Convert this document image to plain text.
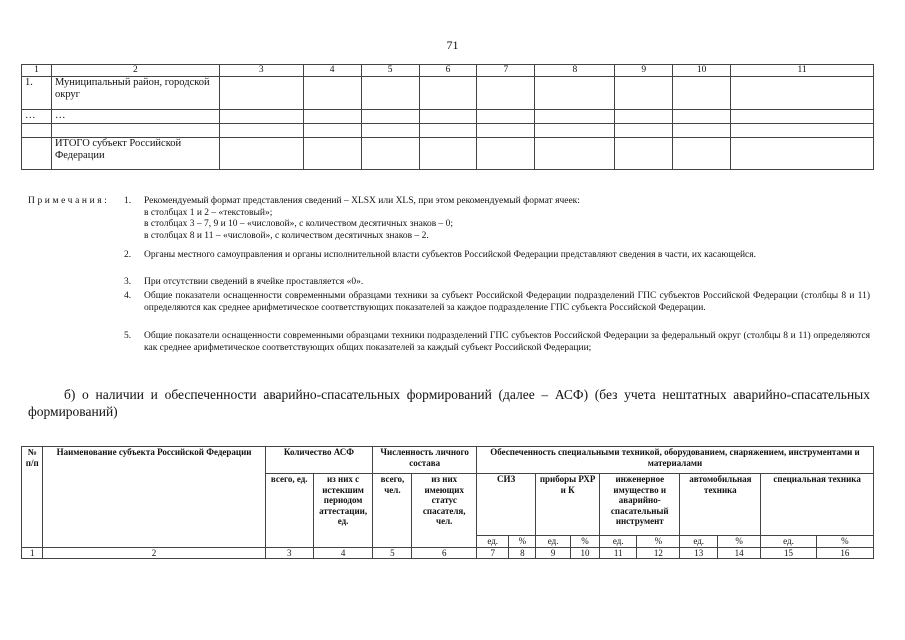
71
1	2	3	4	5	6	7	8	9	10	11
1.	Муниципальный район, городской округ									
…	…									

	ИТОГО субъект Российской Федерации									
Примечания: 1. Рекомендуемый формат представления сведений – XLSX или XLS, при этом рекомендуемый формат ячеек:
в столбцах 1 и 2 – «текстовый»;
в столбцах 3 – 7, 9 и 10 – «числовой», с количеством десятичных знаков – 0;
в столбцах 8 и 11 – «числовой», с количеством десятичных знаков – 2.
2. Органы местного самоуправления и органы исполнительной власти субъектов Российской Федерации представляют сведения в части, их касающейся.
3. При отсутствии сведений в ячейке проставляется «0».
4. Общие показатели оснащенности современными образцами техники за субъект Российской Федерации подразделений ГПС субъектов Российской Федерации (столбцы 8 и 11) определяются как среднее арифметическое соответствующих показателей за каждое подразделение ГПС субъекта Российской Федерации.
5. Общие показатели оснащенности современными образцами техники подразделений ГПС субъектов Российской Федерации за федеральный округ (столбцы 8 и 11) определяются как среднее арифметическое соответствующих общих показателей за каждый субъект Российской Федерации;
б) о наличии и обеспеченности аварийно-спасательных формирований (далее – АСФ) (без учета нештатных аварийно-спасательных формирований)
№ п/п	Наименование субъекта Российской Федерации	Количество АСФ		Численность личного состава		Обеспеченность специальными техникой, оборудованием, снаряжением, инструментами и материалами									
		всего, ед.	из них с истекшим периодом аттестации, ед.	всего, чел.	из них имеющих статус спасателя, чел.	СИЗ		приборы РХР и К		инженерное имущество и аварийно-спасательный инструмент		автомобильная техника		специальная техника	
						ед.	%	ед.	%	ед.	%	ед.	%	ед.	%
1	2	3	4	5	6	7	8	9	10	11	12	13	14	15	16
